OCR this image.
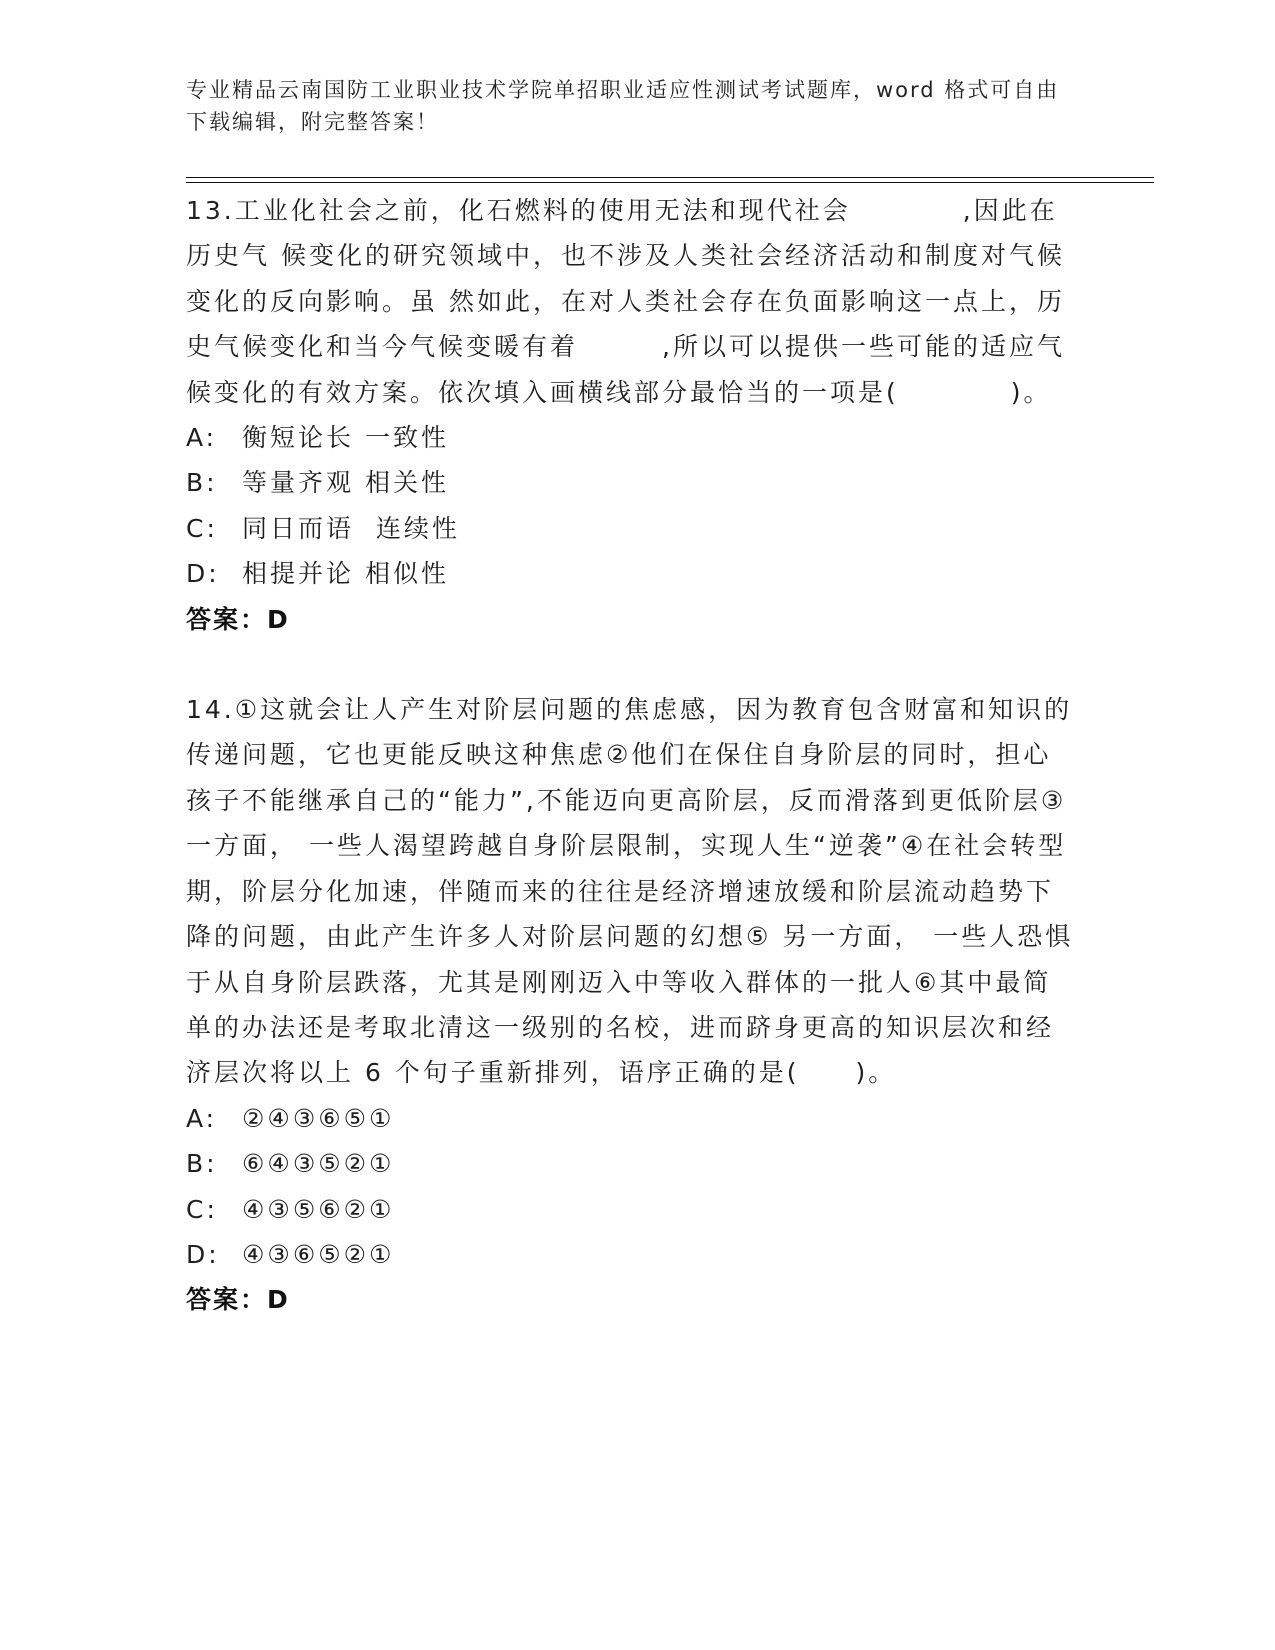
专业精品云南国防工业职业技术学院单招职业适应性测试考试题库，word 格式可自由下载编辑，附完整答案！
13.工业化社会之前，化石燃料的使用无法和现代社会　　　　,因此在历史气 候变化的研究领域中，也不涉及人类社会经济活动和制度对气候变化的反向影响。虽 然如此，在对人类社会存在负面影响这一点上，历史气候变化和当今气候变暖有着　　　,所以可以提供一些可能的适应气候变化的有效方案。依次填入画横线部分最恰当的一项是(　　　　)。
A: 衡短论长 一致性
B: 等量齐观 相关性
C: 同日而语  连续性
D: 相提并论 相似性
答案：D
14.①这就会让人产生对阶层问题的焦虑感，因为教育包含财富和知识的传递问题，它也更能反映这种焦虑②他们在保住自身阶层的同时，担心孩子不能继承自己的“能力”,不能迈向更高阶层，反而滑落到更低阶层③一方面， 一些人渴望跨越自身阶层限制，实现人生“逆袭”④在社会转型期，阶层分化加速，伴随而来的往往是经济增速放缓和阶层流动趋势下降的问题，由此产生许多人对阶层问题的幻想⑤ 另一方面， 一些人恐惧于从自身阶层跌落，尤其是刚刚迈入中等收入群体的一批人⑥其中最简单的办法还是考取北清这一级别的名校，进而跻身更高的知识层次和经济层次将以上 6 个句子重新排列，语序正确的是(　　)。
A: ②④③⑥⑤①
B: ⑥④③⑤②①
C: ④③⑤⑥②①
D: ④③⑥⑤②①
答案：D
